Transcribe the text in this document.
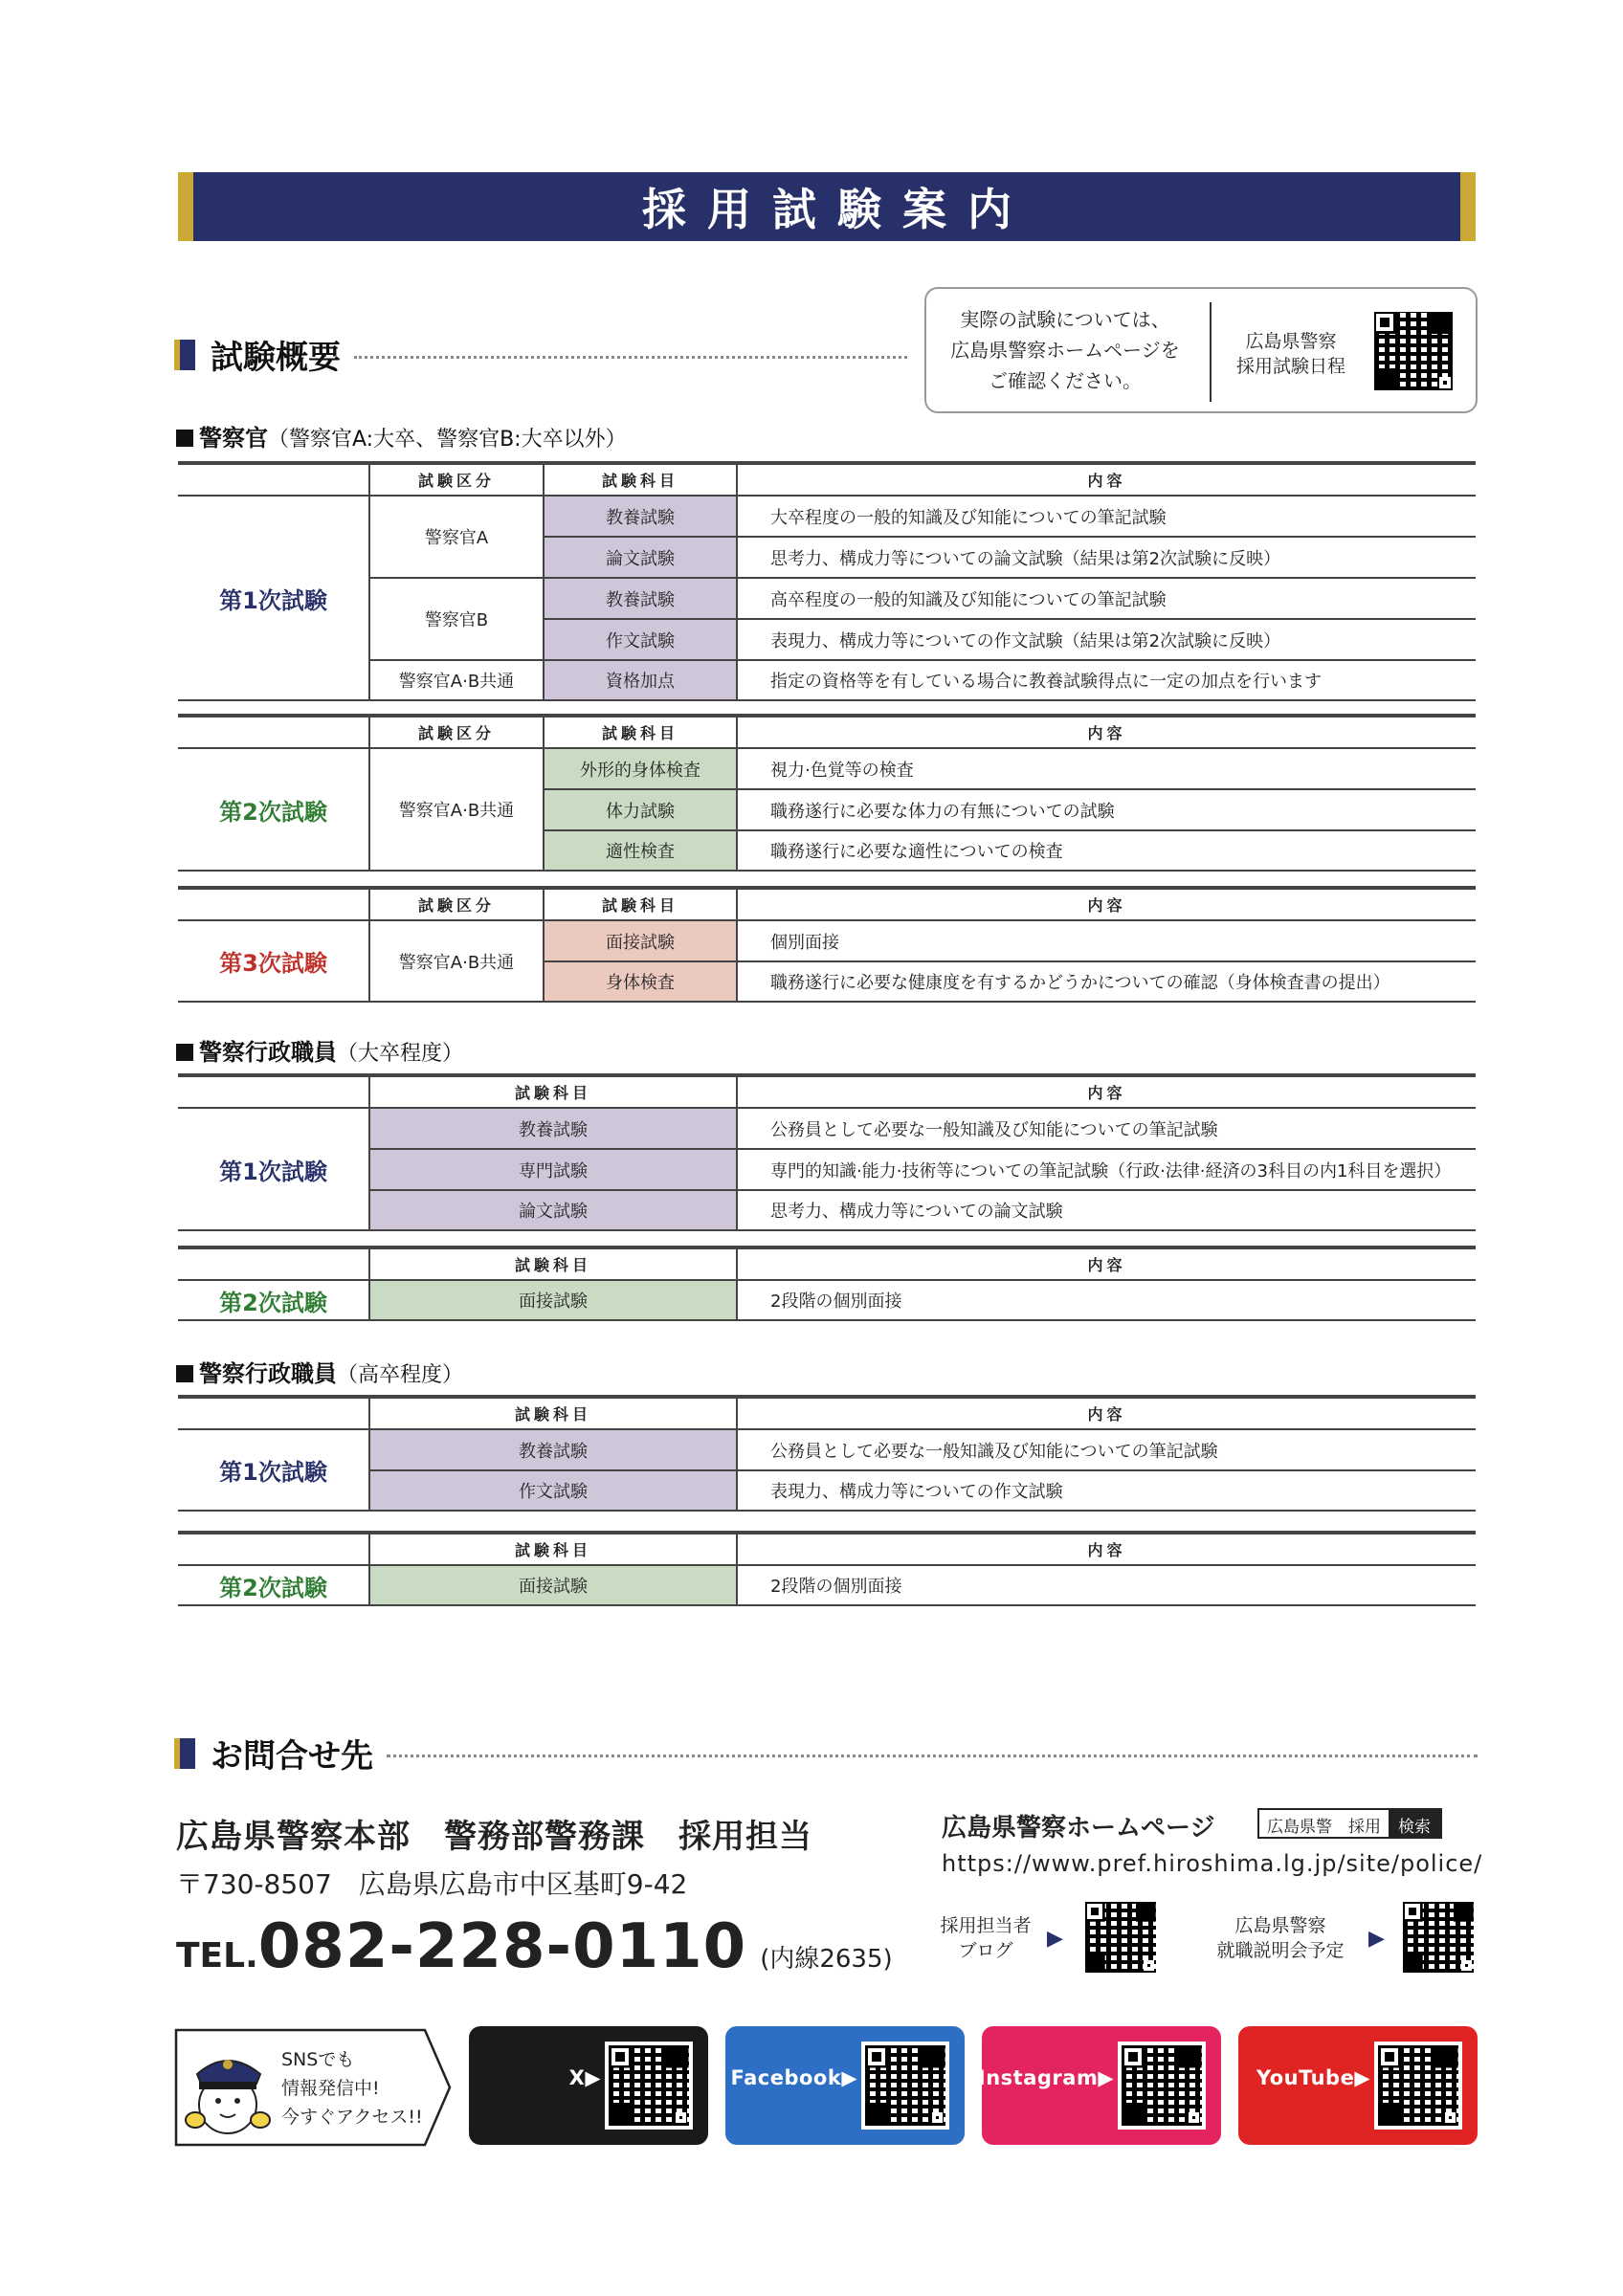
採用試験案内
試験概要
実際の試験については、
広島県警察ホームページを
ご確認ください。
広島県警察
採用試験日程
警察官（警察官A:大卒、警察官B:大卒以外）
	試験区分	試験科目	内容
第1次試験	警察官A	教養試験	大卒程度の一般的知識及び知能についての筆記試験
		論文試験	思考力、構成力等についての論文試験（結果は第2次試験に反映）
	警察官B	教養試験	高卒程度の一般的知識及び知能についての筆記試験
		作文試験	表現力、構成力等についての作文試験（結果は第2次試験に反映）
	警察官A·B共通	資格加点	指定の資格等を有している場合に教養試験得点に一定の加点を行います
	試験区分	試験科目	内容
第2次試験	警察官A·B共通	外形的身体検査	視力·色覚等の検査
		体力試験	職務遂行に必要な体力の有無についての試験
		適性検査	職務遂行に必要な適性についての検査
	試験区分	試験科目	内容
第3次試験	警察官A·B共通	面接試験	個別面接
		身体検査	職務遂行に必要な健康度を有するかどうかについての確認（身体検査書の提出）
警察行政職員（大卒程度）
	試験科目	内容
第1次試験	教養試験	公務員として必要な一般知識及び知能についての筆記試験
	専門試験	専門的知識·能力·技術等についての筆記試験（行政·法律·経済の3科目の内1科目を選択）
	論文試験	思考力、構成力等についての論文試験
	試験科目	内容
第2次試験	面接試験	2段階の個別面接
警察行政職員（高卒程度）
	試験科目	内容
第1次試験	教養試験	公務員として必要な一般知識及び知能についての筆記試験
	作文試験	表現力、構成力等についての作文試験
	試験科目	内容
第2次試験	面接試験	2段階の個別面接
お問合せ先
広島県警察本部　警務部警務課　採用担当
〒730-8507　広島県広島市中区基町9-42
TEL. 082-228-0110 (内線2635)
広島県警察ホームページ	広島県警　採用	検索
https://www.pref.hiroshima.lg.jp/site/police/
採用担当者
ブログ	▶
広島県警察
就職説明会予定	▶
SNSでも
情報発信中!
今すぐアクセス!!
X▶	Facebook▶	Instagram▶	YouTube▶
